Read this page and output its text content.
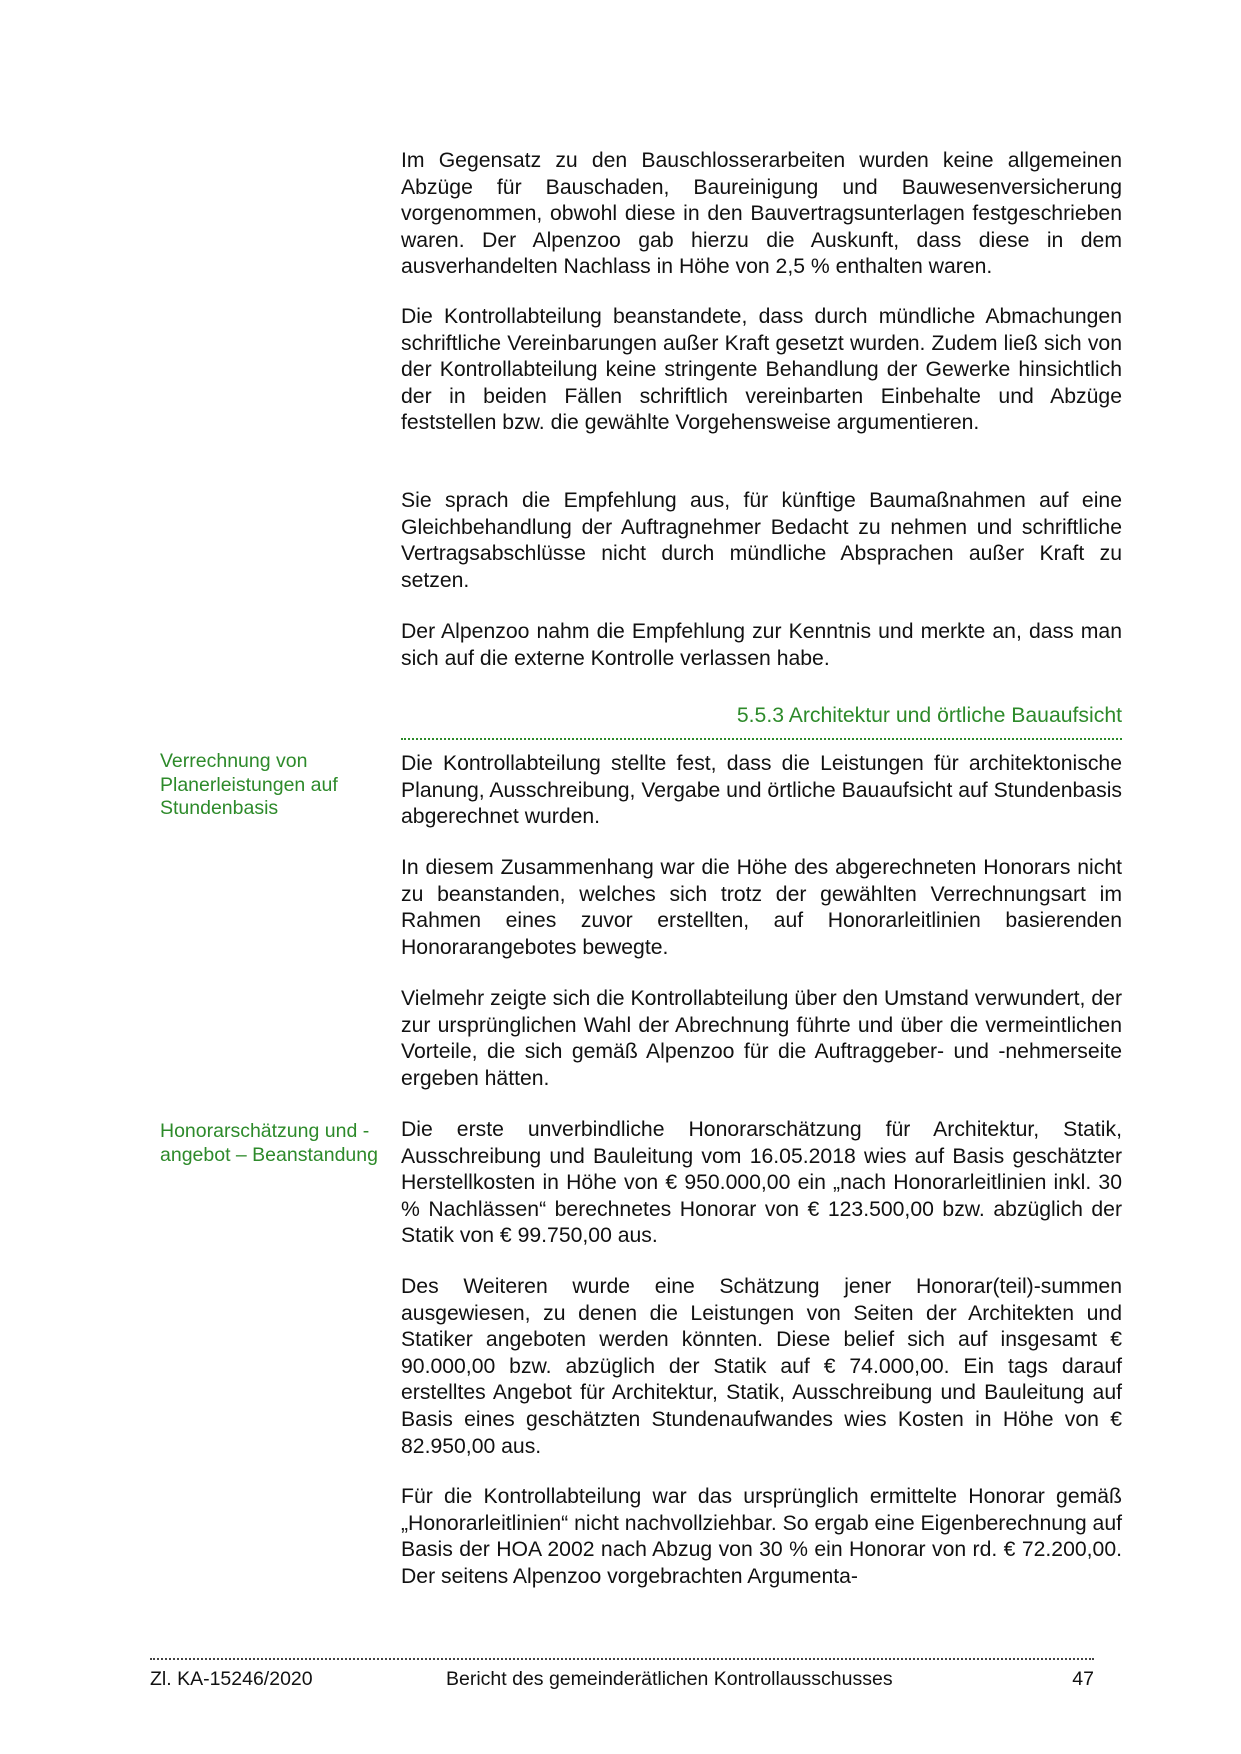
Im Gegensatz zu den Bauschlosserarbeiten wurden keine allgemeinen Abzüge für Bauschaden, Baureinigung und Bauwesenversicherung vorgenommen, obwohl diese in den Bauvertragsunterlagen festgeschrieben waren. Der Alpenzoo gab hierzu die Auskunft, dass diese in dem ausverhandelten Nachlass in Höhe von 2,5 % enthalten waren.

Die Kontrollabteilung beanstandete, dass durch mündliche Abmachungen schriftliche Vereinbarungen außer Kraft gesetzt wurden. Zudem ließ sich von der Kontrollabteilung keine stringente Behandlung der Gewerke hinsichtlich der in beiden Fällen schriftlich vereinbarten Einbehalte und Abzüge feststellen bzw. die gewählte Vorgehensweise argumentieren.

Sie sprach die Empfehlung aus, für künftige Baumaßnahmen auf eine Gleichbehandlung der Auftragnehmer Bedacht zu nehmen und schriftliche Vertragsabschlüsse nicht durch mündliche Absprachen außer Kraft zu setzen.

Der Alpenzoo nahm die Empfehlung zur Kenntnis und merkte an, dass man sich auf die externe Kontrolle verlassen habe.

5.5.3 Architektur und örtliche Bauaufsicht
Verrechnung von Planerleistungen auf Stundenbasis

Die Kontrollabteilung stellte fest, dass die Leistungen für architektonische Planung, Ausschreibung, Vergabe und örtliche Bauaufsicht auf Stundenbasis abgerechnet wurden.

In diesem Zusammenhang war die Höhe des abgerechneten Honorars nicht zu beanstanden, welches sich trotz der gewählten Verrechnungsart im Rahmen eines zuvor erstellten, auf Honorarleitlinien basierenden Honorarangebotes bewegte.

Vielmehr zeigte sich die Kontrollabteilung über den Umstand verwundert, der zur ursprünglichen Wahl der Abrechnung führte und über die vermeintlichen Vorteile, die sich gemäß Alpenzoo für die Auftraggeber- und -nehmerseite ergeben hätten.

Honorarschätzung und -angebot – Beanstandung

Die erste unverbindliche Honorarschätzung für Architektur, Statik, Ausschreibung und Bauleitung vom 16.05.2018 wies auf Basis geschätzter Herstellkosten in Höhe von € 950.000,00 ein „nach Honorarleitlinien inkl. 30 % Nachlässen“ berechnetes Honorar von € 123.500,00 bzw. abzüglich der Statik von € 99.750,00 aus.

Des Weiteren wurde eine Schätzung jener Honorar(teil)-summen ausgewiesen, zu denen die Leistungen von Seiten der Architekten und Statiker angeboten werden könnten. Diese belief sich auf insgesamt € 90.000,00 bzw. abzüglich der Statik auf € 74.000,00. Ein tags darauf erstelltes Angebot für Architektur, Statik, Ausschreibung und Bauleitung auf Basis eines geschätzten Stundenaufwandes wies Kosten in Höhe von € 82.950,00 aus.

Für die Kontrollabteilung war das ursprünglich ermittelte Honorar gemäß „Honorarleitlinien“ nicht nachvollziehbar. So ergab eine Eigenberechnung auf Basis der HOA 2002 nach Abzug von 30 % ein Honorar von rd. € 72.200,00. Der seitens Alpenzoo vorgebrachten Argumenta-

Zl. KA-15246/2020	Bericht des gemeinderätlichen Kontrollausschusses	47
